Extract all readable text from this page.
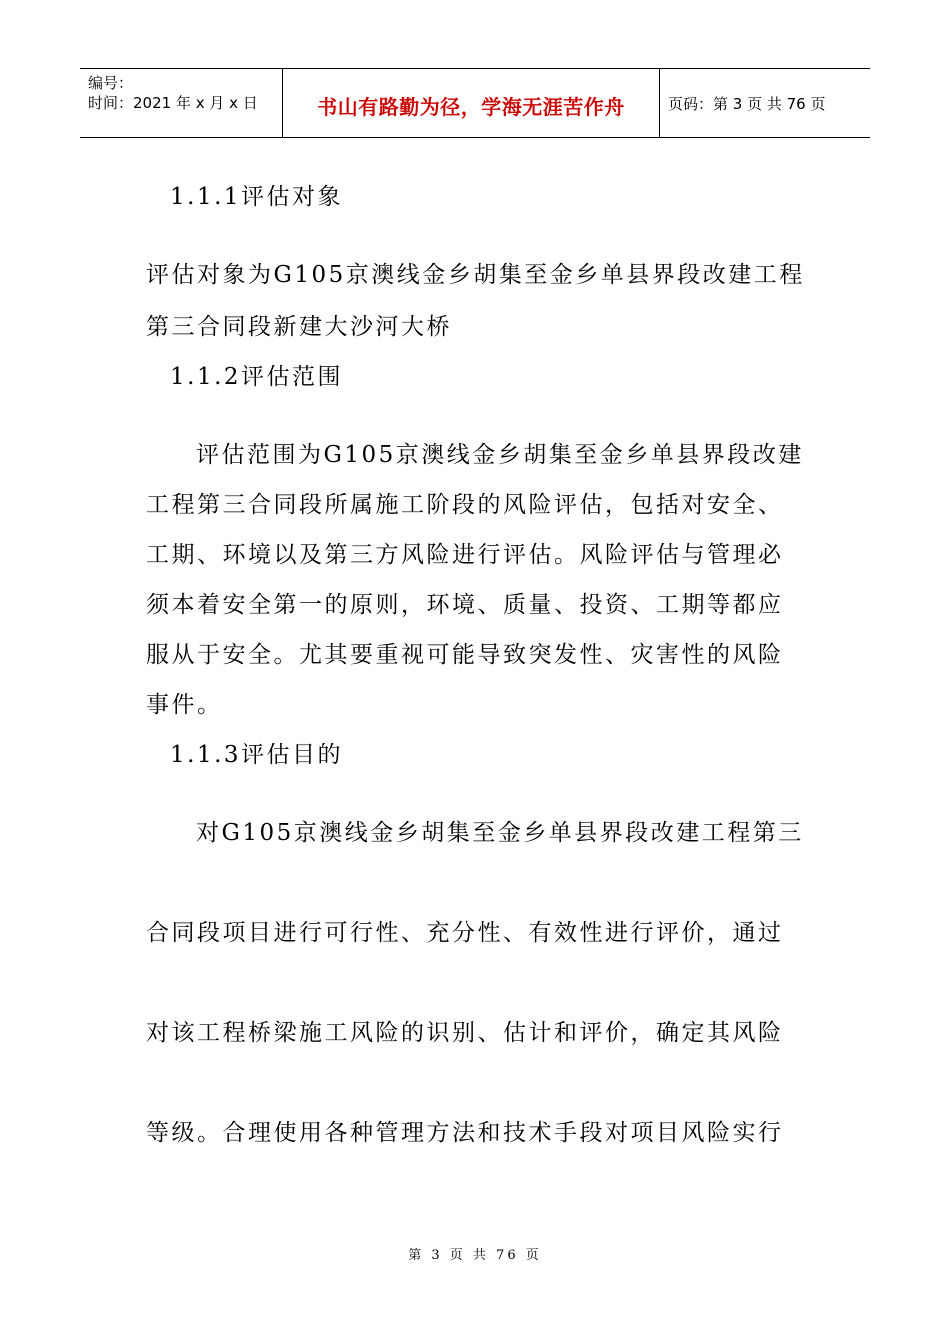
编号：
时间：2021 年 x 月 x 日	书山有路勤为径，学海无涯苦作舟	页码：第 3 页 共 76 页
1.1.1评估对象
评估对象为G105京澳线金乡胡集至金乡单县界段改建工程
第三合同段新建大沙河大桥
1.1.2评估范围
评估范围为G105京澳线金乡胡集至金乡单县界段改建
工程第三合同段所属施工阶段的风险评估，包括对安全、
工期、环境以及第三方风险进行评估。风险评估与管理必
须本着安全第一的原则，环境、质量、投资、工期等都应
服从于安全。尤其要重视可能导致突发性、灾害性的风险
事件。
1.1.3评估目的
对G105京澳线金乡胡集至金乡单县界段改建工程第三
合同段项目进行可行性、充分性、有效性进行评价，通过
对该工程桥梁施工风险的识别、估计和评价，确定其风险
等级。合理使用各种管理方法和技术手段对项目风险实行
第 3 页 共 76 页
